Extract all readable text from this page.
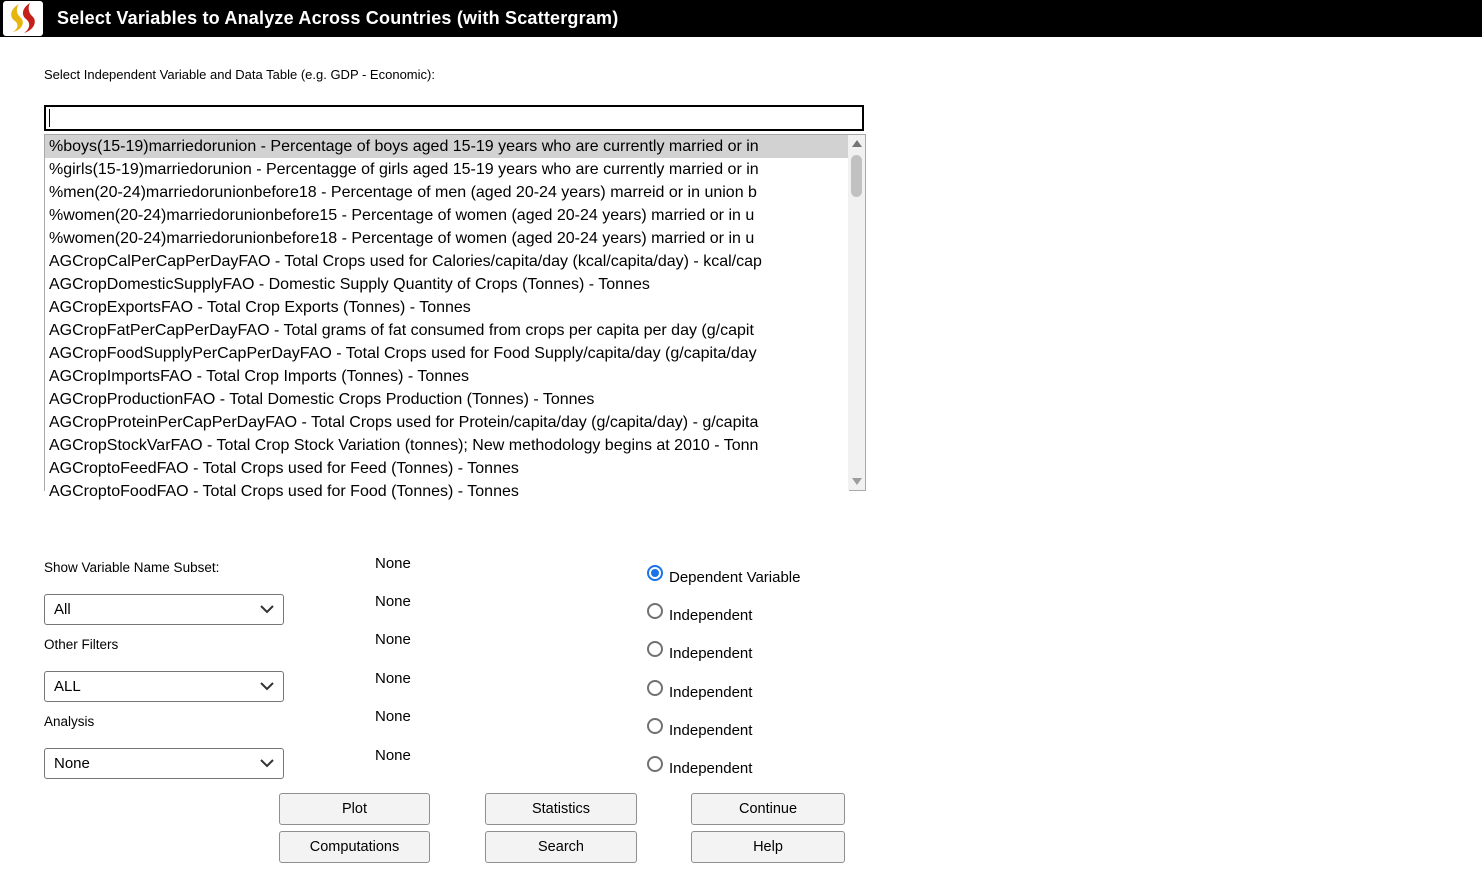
Select Variables to Analyze Across Countries (with Scattergram)
Select Independent Variable and Data Table (e.g. GDP - Economic):
%boys(15-19)marriedorunion - Percentage of boys aged 15-19 years who are currently married or in
%girls(15-19)marriedorunion - Percentagge of girls aged 15-19 years who are currently married or in
%men(20-24)marriedorunionbefore18 - Percentage of men (aged 20-24 years) marreid or in union b
%women(20-24)marriedorunionbefore15 - Percentage of women (aged 20-24 years) married or in u
%women(20-24)marriedorunionbefore18 - Percentage of women (aged 20-24 years) married or in u
AGCropCalPerCapPerDayFAO - Total Crops used for Calories/capita/day (kcal/capita/day) - kcal/cap
AGCropDomesticSupplyFAO - Domestic Supply Quantity of Crops (Tonnes) - Tonnes
AGCropExportsFAO - Total Crop Exports (Tonnes) - Tonnes
AGCropFatPerCapPerDayFAO - Total grams of fat consumed from crops per capita per day (g/capit
AGCropFoodSupplyPerCapPerDayFAO - Total Crops used for Food Supply/capita/day (g/capita/day
AGCropImportsFAO - Total Crop Imports (Tonnes) - Tonnes
AGCropProductionFAO - Total Domestic Crops Production (Tonnes) - Tonnes
AGCropProteinPerCapPerDayFAO - Total Crops used for Protein/capita/day (g/capita/day) - g/capita
AGCropStockVarFAO - Total Crop Stock Variation (tonnes); New methodology begins at 2010 - Tonn
AGCroptoFeedFAO - Total Crops used for Feed (Tonnes) - Tonnes
AGCroptoFoodFAO - Total Crops used for Food (Tonnes) - Tonnes
Show Variable Name Subset:
All
Other Filters
ALL
Analysis
None
None
None
None
None
None
None
Dependent Variable
Independent
Independent
Independent
Independent
Independent
Plot	Statistics	Continue
Computations	Search	Help
